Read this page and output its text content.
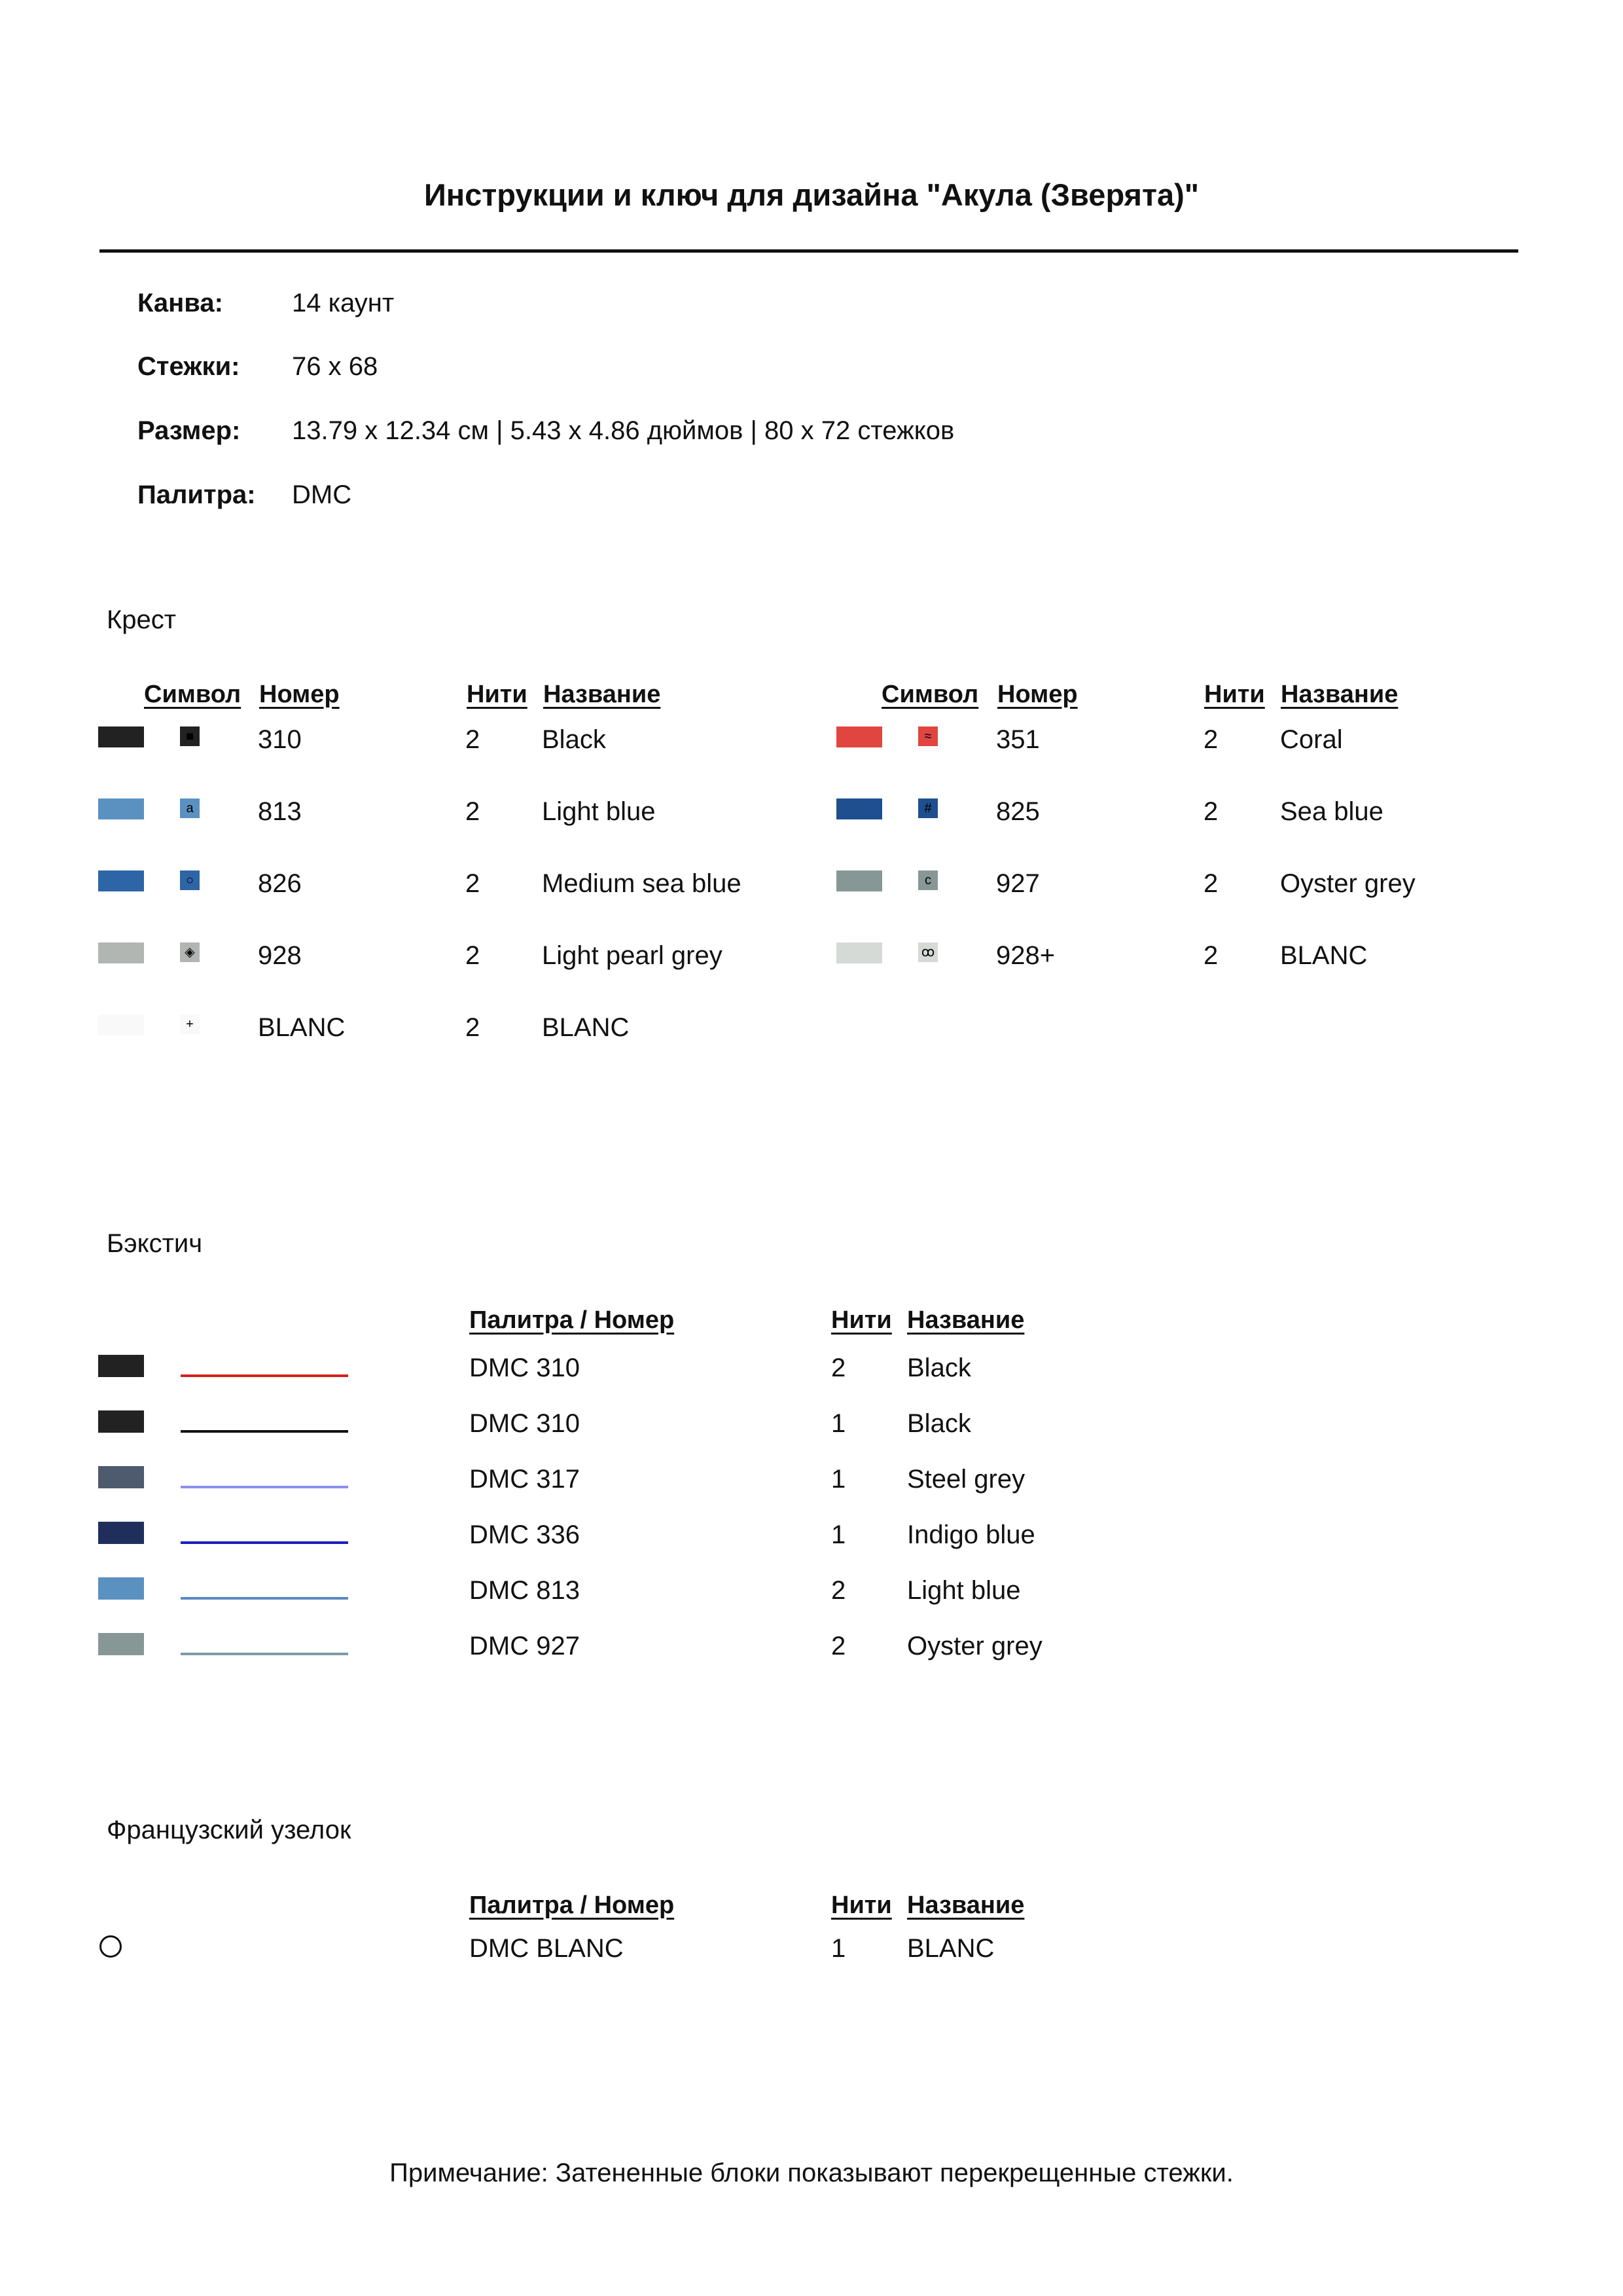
Инструкции и ключ для дизайна "Акула (Зверята)"
Канва:	14 каунт
Стежки: 76 x 68
Размер: 13.79 x 12.34 см | 5.43 x 4.86 дюймов | 80 x 72 стежков
Палитра: DMC
Крест
Символ Номер	Нити Название	Символ Номер	Нити Название
■ 310	2 Black
a 813	2 Light blue
○ 826	2 Medium sea blue
◈ 928	2 Light pearl grey
+ BLANC	2 BLANC
≈ 351	2 Coral
# 825	2 Sea blue
c 927	2 Oyster grey
ꝏ 928+	2 BLANC
Бэкстич
Палитра / Номер	Нити Название
DMC 310	2 Black
DMC 310	1 Black
DMC 317	1 Steel grey
DMC 336	1 Indigo blue
DMC 813	2 Light blue
DMC 927	2 Oyster grey
Французский узелок
Палитра / Номер	Нити Название
DMC BLANC	1 BLANC
Примечание: Затененные блоки показывают перекрещенные стежки.
